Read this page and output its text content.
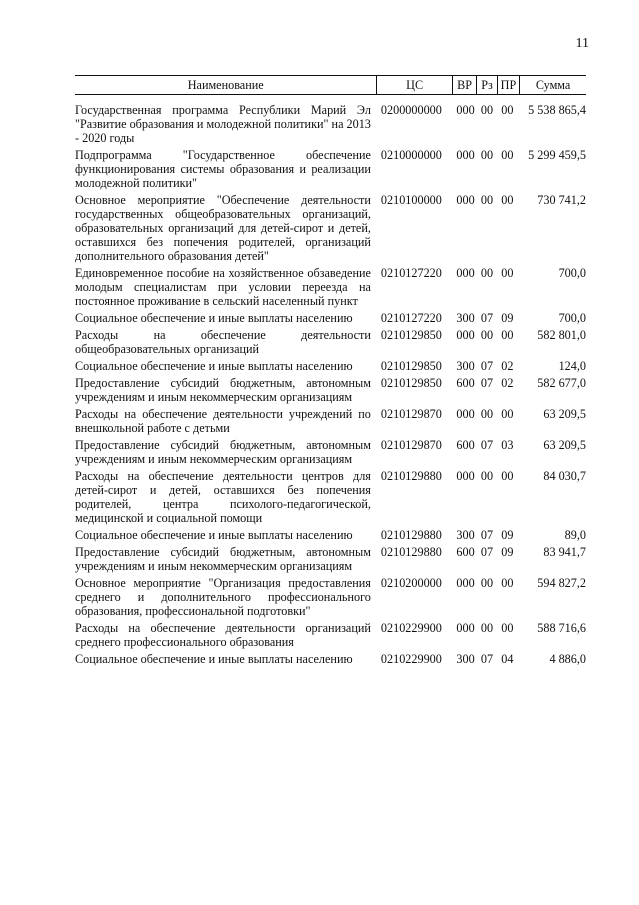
11
Наименование	ЦС	ВР	Рз	ПР	Сумма
Государственная программа Республики Марий Эл "Развитие образования и молодежной политики" на 2013 - 2020 годы	0200000000	000	00	00	5 538 865,4
Подпрограмма "Государственное обеспечение функционирования системы образования и реализации молодежной политики"	0210000000	000	00	00	5 299 459,5
Основное мероприятие "Обеспечение деятельности государственных общеобразовательных организаций, образовательных организаций для детей-сирот и детей, оставшихся без попечения родителей, организаций дополнительного образования детей"	0210100000	000	00	00	730 741,2
Единовременное пособие на хозяйственное обзаведение молодым специалистам при условии переезда на постоянное проживание в сельский населенный пункт	0210127220	000	00	00	700,0
Социальное обеспечение и иные выплаты населению	0210127220	300	07	09	700,0
Расходы на обеспечение деятельности общеобразовательных организаций	0210129850	000	00	00	582 801,0
Социальное обеспечение и иные выплаты населению	0210129850	300	07	02	124,0
Предоставление субсидий бюджетным, автономным учреждениям и иным некоммерческим организациям	0210129850	600	07	02	582 677,0
Расходы на обеспечение деятельности учреждений по внешкольной работе с детьми	0210129870	000	00	00	63 209,5
Предоставление субсидий бюджетным, автономным учреждениям и иным некоммерческим организациям	0210129870	600	07	03	63 209,5
Расходы на обеспечение деятельности центров для детей-сирот и детей, оставшихся без попечения родителей, центра психолого-педагогической, медицинской и социальной помощи	0210129880	000	00	00	84 030,7
Социальное обеспечение и иные выплаты населению	0210129880	300	07	09	89,0
Предоставление субсидий бюджетным, автономным учреждениям и иным некоммерческим организациям	0210129880	600	07	09	83 941,7
Основное мероприятие "Организация предоставления среднего и дополнительного профессионального образования, профессиональной подготовки"	0210200000	000	00	00	594 827,2
Расходы на обеспечение деятельности организаций среднего профессионального образования	0210229900	000	00	00	588 716,6
Социальное обеспечение и иные выплаты населению	0210229900	300	07	04	4 886,0
